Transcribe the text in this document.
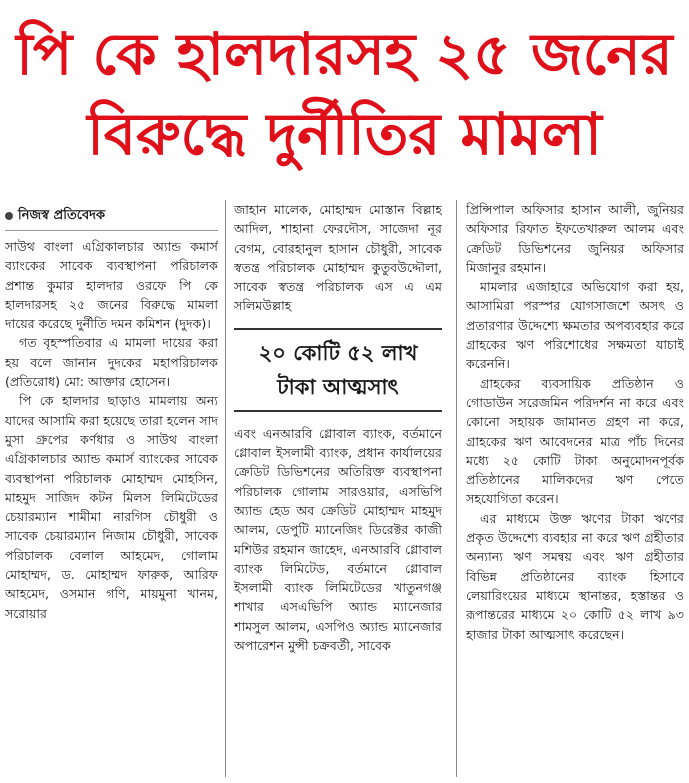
পি কে হালদারসহ ২৫ জনের
বিরুদ্ধে দুর্নীতির মামলা
নিজস্ব প্রতিবেদক

সাউথ বাংলা এগ্রিকালচার অ্যান্ড কমার্স ব্যাংকের সাবেক ব্যবস্থাপনা পরিচালক প্রশান্ত কুমার হালদার ওরফে পি কে হালদারসহ ২৫ জনের বিরুদ্ধে মামলা দায়ের করেছে দুর্নীতি দমন কমিশন (দুদক)।

গত বৃহস্পতিবার এ মামলা দায়ের করা হয় বলে জানান দুদকের মহাপরিচালক (প্রতিরোধ) মো: আক্তার হোসেন।

পি কে হালদার ছাড়াও মামলায় অন্য যাদের আসামি করা হয়েছে তারা হলেন সাদ মুসা গ্রুপের কর্ণধার ও সাউথ বাংলা এগ্রিকালচার অ্যান্ড কমার্স ব্যাংকের সাবেক ব্যবস্থাপনা পরিচালক মোহাম্মদ মোহসিন, মাহমুদ সাজিদ কটন মিলস লিমিটেডের চেয়ারম্যান শামীমা নারগিস চৌধুরী ও সাবেক চেয়ারম্যান নিজাম চৌধুরী, সাবেক পরিচালক বেলাল আহমেদ, গোলাম মোহাম্মদ, ড. মোহাম্মদ ফারুক, আরিফ আহমেদ, ওসমান গণি, মায়মুনা খানম, সরোয়ার

জাহান মালেক, মোহাম্মদ মোস্তান বিল্লাহ আদিল, শাহানা ফেরদৌস, সাজেদা নূর বেগম, বোরহানুল হাসান চৌধুরী, সাবেক স্বতন্ত্র পরিচালক মোহাম্মদ কুতুবউদ্দৌলা, সাবেক স্বতন্ত্র পরিচালক এস এ এম সলিমউল্লাহ

২০ কোটি ৫২ লাখ
টাকা আত্মসাৎ

এবং এনআরবি গ্লোবাল ব্যাংক, বর্তমানে গ্লোবাল ইসলামী ব্যাংক, প্রধান কার্যালয়ের ক্রেডিট ডিভিশনের অতিরিক্ত ব্যবস্থাপনা পরিচালক গোলাম সারওয়ার, এসভিপি অ্যান্ড হেড অব ক্রেডিট মোহাম্মদ মাহমুদ আলম, ডেপুটি ম্যানেজিং ডিরেক্টর কাজী মশিউর রহমান জাহেদ, এনআরবি গ্লোবাল ব্যাংক লিমিটেড, বর্তমানে গ্লোবাল ইসলামী ব্যাংক লিমিটেডের খাতুনগঞ্জ শাখার এসএভিপি অ্যান্ড ম্যানেজার শামসুল আলম, এসপিও অ্যান্ড ম্যানেজার অপারেশন মুন্সী চক্রবর্তী, সাবেক

প্রিন্সিপাল অফিসার হাসান আলী, জুনিয়র অফিসার রিফাত ইফতেখারুল আলম এবং ক্রেডিট ডিভিশনের জুনিয়র অফিসার মিজানুর রহমান।

মামলার এজাহারে অভিযোগ করা হয়, আসামিরা পরস্পর যোগসাজশে অসৎ ও প্রতারণার উদ্দেশ্যে ক্ষমতার অপব্যবহার করে গ্রাহকের ঋণ পরিশোধের সক্ষমতা যাচাই করেননি।

গ্রাহকের ব্যবসায়িক প্রতিষ্ঠান ও গোডাউন সরেজমিন পরিদর্শন না করে এবং কোনো সহায়ক জামানত গ্রহণ না করে, গ্রাহকের ঋণ আবেদনের মাত্র পাঁচ দিনের মধ্যে ২৫ কোটি টাকা অনুমোদনপূর্বক প্রতিষ্ঠানের মালিকদের ঋণ পেতে সহযোগিতা করেন।

এর মাধ্যমে উক্ত ঋণের টাকা ঋণের প্রকৃত উদ্দেশ্যে ব্যবহার না করে ঋণ গ্রহীতার অন্যান্য ঋণ সমন্বয় এবং ঋণ গ্রহীতার বিভিন্ন প্রতিষ্ঠানের ব্যাংক হিসাবে লেয়ারিংয়ের মাধ্যমে স্থানান্তর, হস্তান্তর ও রূপান্তরের মাধ্যমে ২০ কোটি ৫২ লাখ ৯৩ হাজার টাকা আত্মসাৎ করেছেন।
